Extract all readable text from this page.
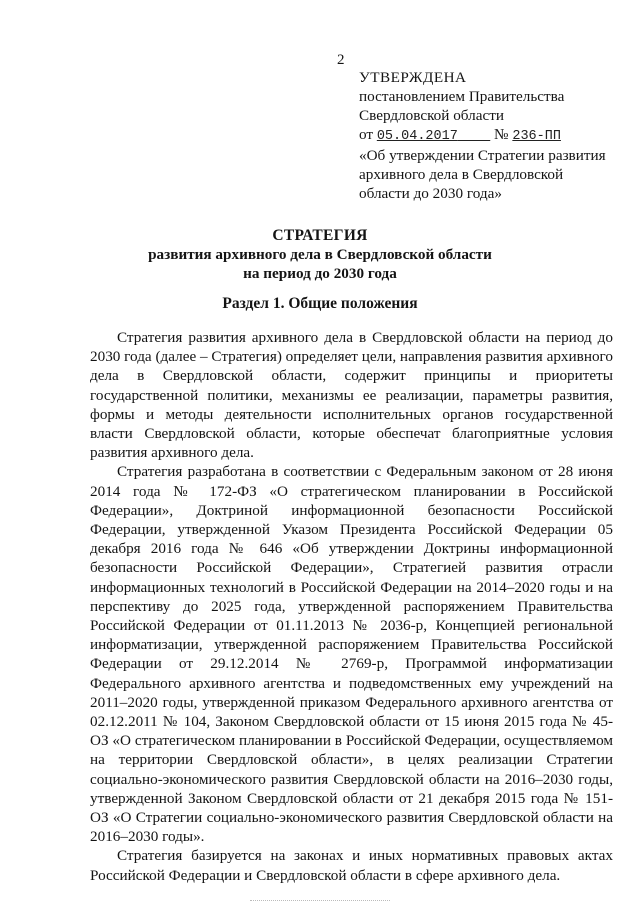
2
УТВЕРЖДЕНА
постановлением Правительства
Свердловской области
от 05.04.2017 № 236-ПП
«Об утверждении Стратегии развития
архивного дела в Свердловской
области до 2030 года»
СТРАТЕГИЯ
развития архивного дела в Свердловской области
на период до 2030 года
Раздел 1. Общие положения

Стратегия развития архивного дела в Свердловской области на период до 2030 года (далее – Стратегия) определяет цели, направления развития архивного дела в Свердловской области, содержит принципы и приоритеты государственной политики, механизмы ее реализации, параметры развития, формы и методы деятельности исполнительных органов государственной власти Свердловской области, которые обеспечат благоприятные условия развития архивного дела.

Стратегия разработана в соответствии с Федеральным законом от 28 июня 2014 года № 172-ФЗ «О стратегическом планировании в Российской Федерации», Доктриной информационной безопасности Российской Федерации, утвержденной Указом Президента Российской Федерации 05 декабря 2016 года № 646 «Об утверждении Доктрины информационной безопасности Российской Федерации», Стратегией развития отрасли информационных технологий в Российской Федерации на 2014–2020 годы и на перспективу до 2025 года, утвержденной распоряжением Правительства Российской Федерации от 01.11.2013 № 2036-р, Концепцией региональной информатизации, утвержденной распоряжением Правительства Российской Федерации от 29.12.2014 № 2769-р, Программой информатизации Федерального архивного агентства и подведомственных ему учреждений на 2011–2020 годы, утвержденной приказом Федерального архивного агентства от 02.12.2011 № 104, Законом Свердловской области от 15 июня 2015 года № 45-ОЗ «О стратегическом планировании в Российской Федерации, осуществляемом на территории Свердловской области», в целях реализации Стратегии социально-экономического развития Свердловской области на 2016–2030 годы, утвержденной Законом Свердловской области от 21 декабря 2015 года № 151-ОЗ «О Стратегии социально-экономического развития Свердловской области на 2016–2030 годы».

Стратегия базируется на законах и иных нормативных правовых актах Российской Федерации и Свердловской области в сфере архивного дела.
